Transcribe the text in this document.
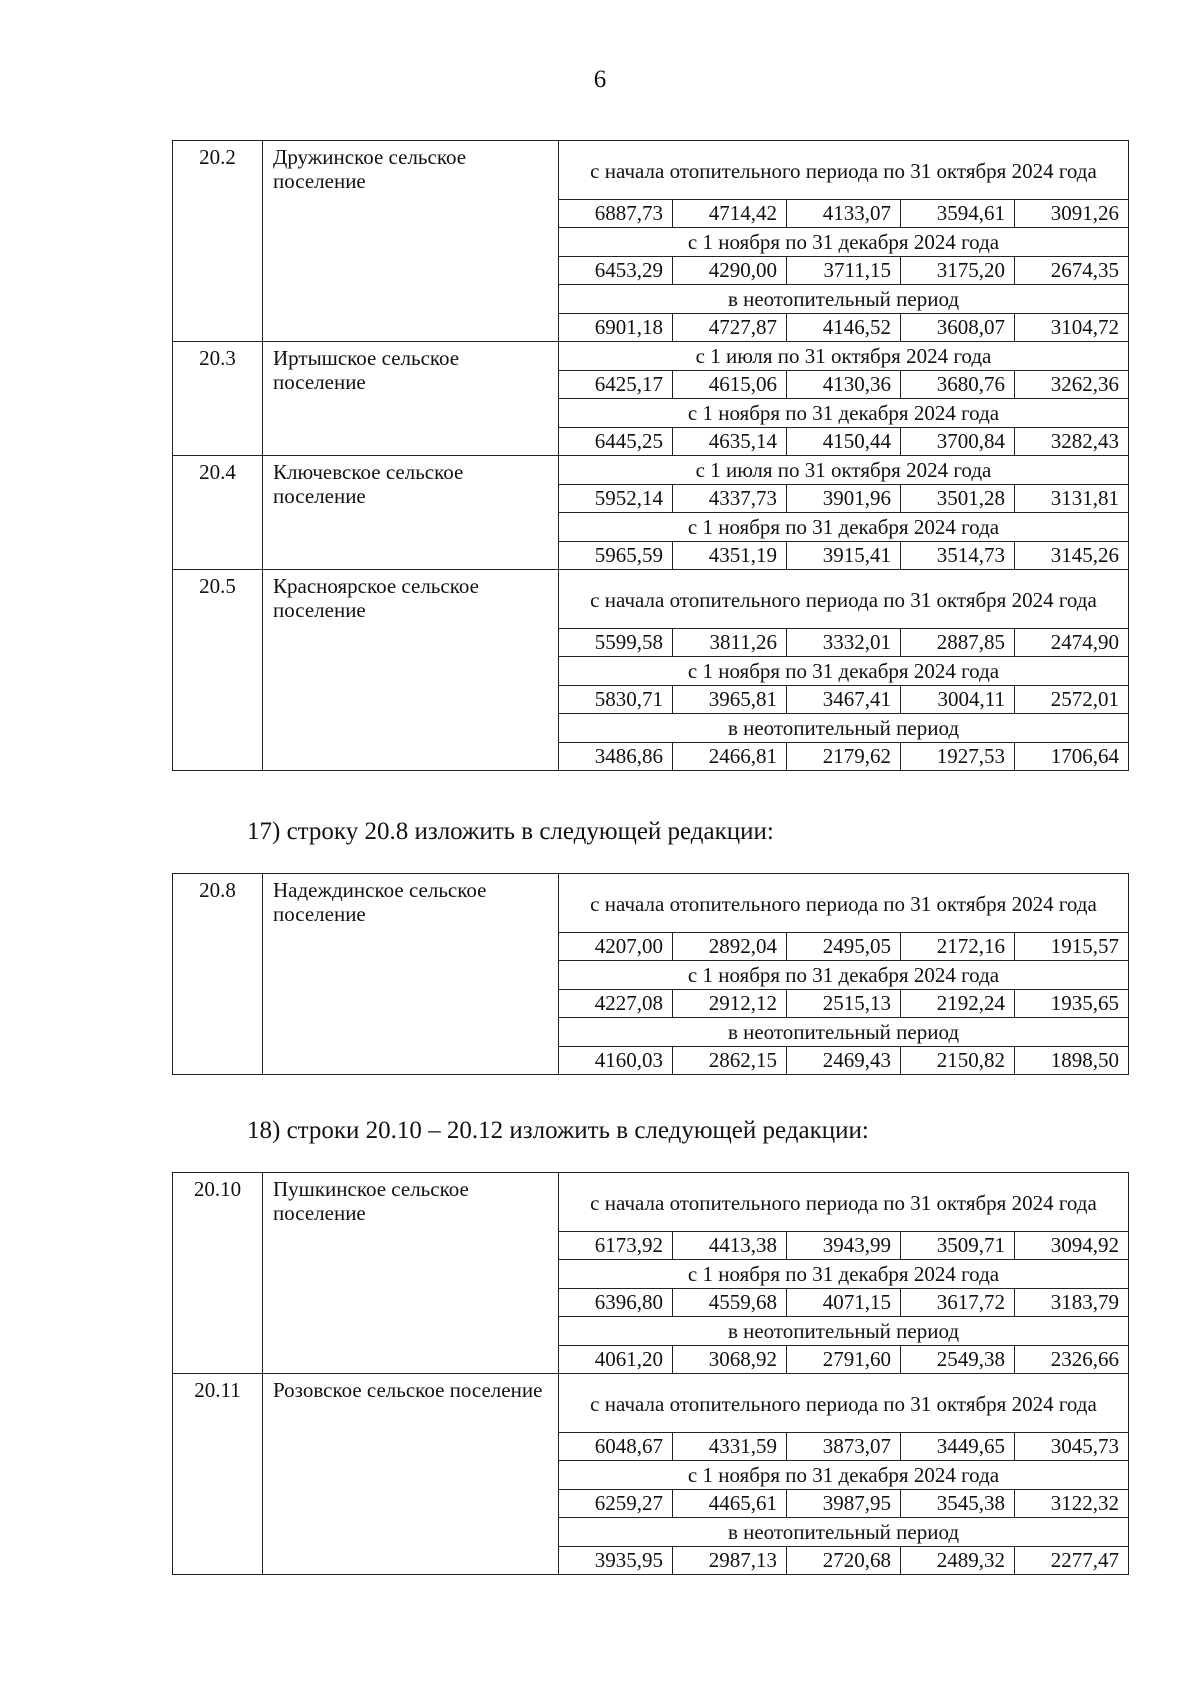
6
20.2	Дружинское сельское поселение	с начала отопительного периода по 31 октября 2024 года				
		6887,73	4714,42	4133,07	3594,61	3091,26
		с 1 ноября по 31 декабря 2024 года				
		6453,29	4290,00	3711,15	3175,20	2674,35
		в неотопительный период				
		6901,18	4727,87	4146,52	3608,07	3104,72
20.3	Иртышское сельское поселение	с 1 июля по 31 октября 2024 года				
		6425,17	4615,06	4130,36	3680,76	3262,36
		с 1 ноября по 31 декабря 2024 года				
		6445,25	4635,14	4150,44	3700,84	3282,43
20.4	Ключевское сельское поселение	с 1 июля по 31 октября 2024 года				
		5952,14	4337,73	3901,96	3501,28	3131,81
		с 1 ноября по 31 декабря 2024 года				
		5965,59	4351,19	3915,41	3514,73	3145,26
20.5	Красноярское сельское поселение	с начала отопительного периода по 31 октября 2024 года				
		5599,58	3811,26	3332,01	2887,85	2474,90
		с 1 ноября по 31 декабря 2024 года				
		5830,71	3965,81	3467,41	3004,11	2572,01
		в неотопительный период				
		3486,86	2466,81	2179,62	1927,53	1706,64
17) строку 20.8 изложить в следующей редакции:
20.8	Надеждинское сельское поселение	с начала отопительного периода по 31 октября 2024 года				
		4207,00	2892,04	2495,05	2172,16	1915,57
		с 1 ноября по 31 декабря 2024 года				
		4227,08	2912,12	2515,13	2192,24	1935,65
		в неотопительный период				
		4160,03	2862,15	2469,43	2150,82	1898,50
18) строки 20.10 – 20.12 изложить в следующей редакции:
20.10	Пушкинское сельское поселение	с начала отопительного периода по 31 октября 2024 года				
		6173,92	4413,38	3943,99	3509,71	3094,92
		с 1 ноября по 31 декабря 2024 года				
		6396,80	4559,68	4071,15	3617,72	3183,79
		в неотопительный период				
		4061,20	3068,92	2791,60	2549,38	2326,66
20.11	Розовское сельское поселение	с начала отопительного периода по 31 октября 2024 года				
		6048,67	4331,59	3873,07	3449,65	3045,73
		с 1 ноября по 31 декабря 2024 года				
		6259,27	4465,61	3987,95	3545,38	3122,32
		в неотопительный период				
		3935,95	2987,13	2720,68	2489,32	2277,47
